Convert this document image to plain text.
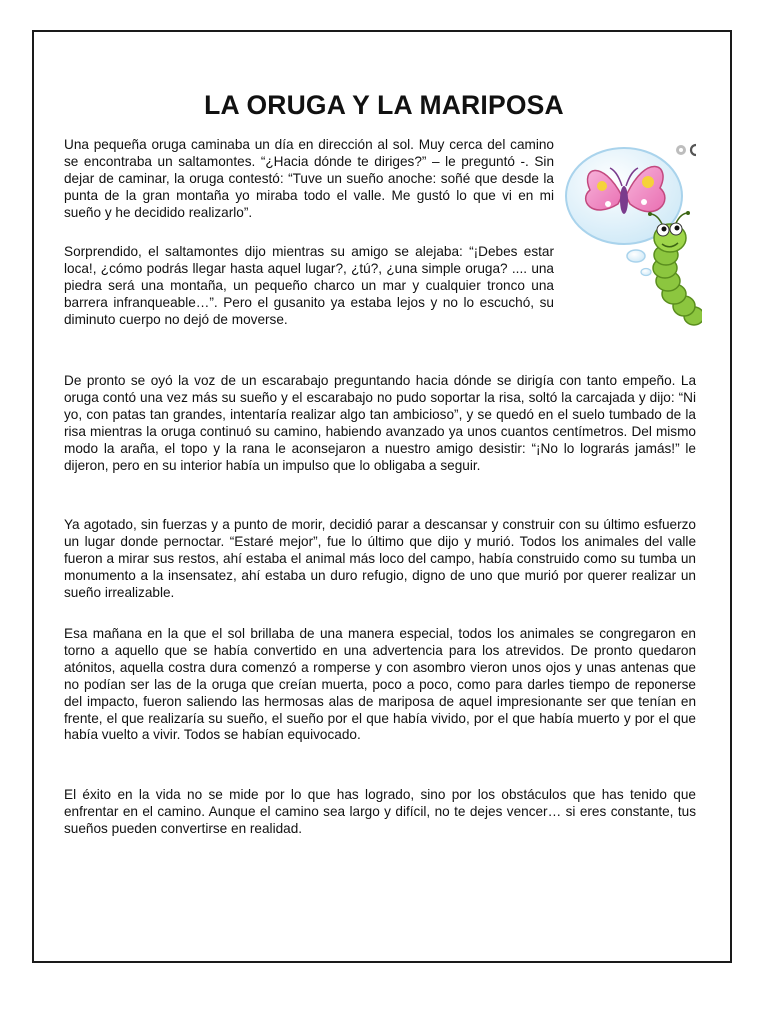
LA ORUGA Y LA MARIPOSA

Una pequeña oruga caminaba un día en dirección al sol. Muy cerca del camino se encontraba un saltamontes. “¿Hacia dónde te diriges?” – le preguntó -. Sin dejar de caminar, la oruga contestó: “Tuve un sueño anoche: soñé que desde la punta de la gran montaña yo miraba todo el valle. Me gustó lo que vi en mi sueño y he decidido realizarlo”.

Sorprendido, el saltamontes dijo mientras su amigo se alejaba: “¡Debes estar loca!, ¿cómo podrás llegar hasta aquel lugar?, ¿tú?, ¿una simple oruga? .... una piedra será una montaña, un pequeño charco un mar y cualquier tronco una barrera infranqueable…”. Pero el gusanito ya estaba lejos y no lo escuchó, su diminuto cuerpo no dejó de moverse.

De pronto se oyó la voz de un escarabajo preguntando hacia dónde se dirigía con tanto empeño. La oruga contó una vez más su sueño y el escarabajo no pudo soportar la risa, soltó la carcajada y dijo: “Ni yo, con patas tan grandes, intentaría realizar algo tan ambicioso”, y se quedó en el suelo tumbado de la risa mientras la oruga continuó su camino, habiendo avanzado ya unos cuantos centímetros. Del mismo modo la araña, el topo y la rana le aconsejaron a nuestro amigo desistir: “¡No lo lograrás jamás!” le dijeron, pero en su interior había un impulso que lo obligaba a seguir.

Ya agotado, sin fuerzas y a punto de morir, decidió parar a descansar y construir con su último esfuerzo un lugar donde pernoctar. “Estaré mejor”, fue lo último que dijo y murió. Todos los animales del valle fueron a mirar sus restos, ahí estaba el animal más loco del campo, había construido como su tumba un monumento a la insensatez, ahí estaba un duro refugio, digno de uno que murió por querer realizar un sueño irrealizable.

Esa mañana en la que el sol brillaba de una manera especial, todos los animales se congregaron en torno a aquello que se había convertido en una advertencia para los atrevidos. De pronto quedaron atónitos, aquella costra dura comenzó a romperse y con asombro vieron unos ojos y unas antenas que no podían ser las de la oruga que creían muerta, poco a poco, como para darles tiempo de reponerse del impacto, fueron saliendo las hermosas alas de mariposa de aquel impresionante ser que tenían en frente, el que realizaría su sueño, el sueño por el que había vivido, por el que había muerto y por el que había vuelto a vivir. Todos se habían equivocado.

El éxito en la vida no se mide por lo que has logrado, sino por los obstáculos que has tenido que enfrentar en el camino. Aunque el camino sea largo y difícil, no te dejes vencer… si eres constante, tus sueños pueden convertirse en realidad.
